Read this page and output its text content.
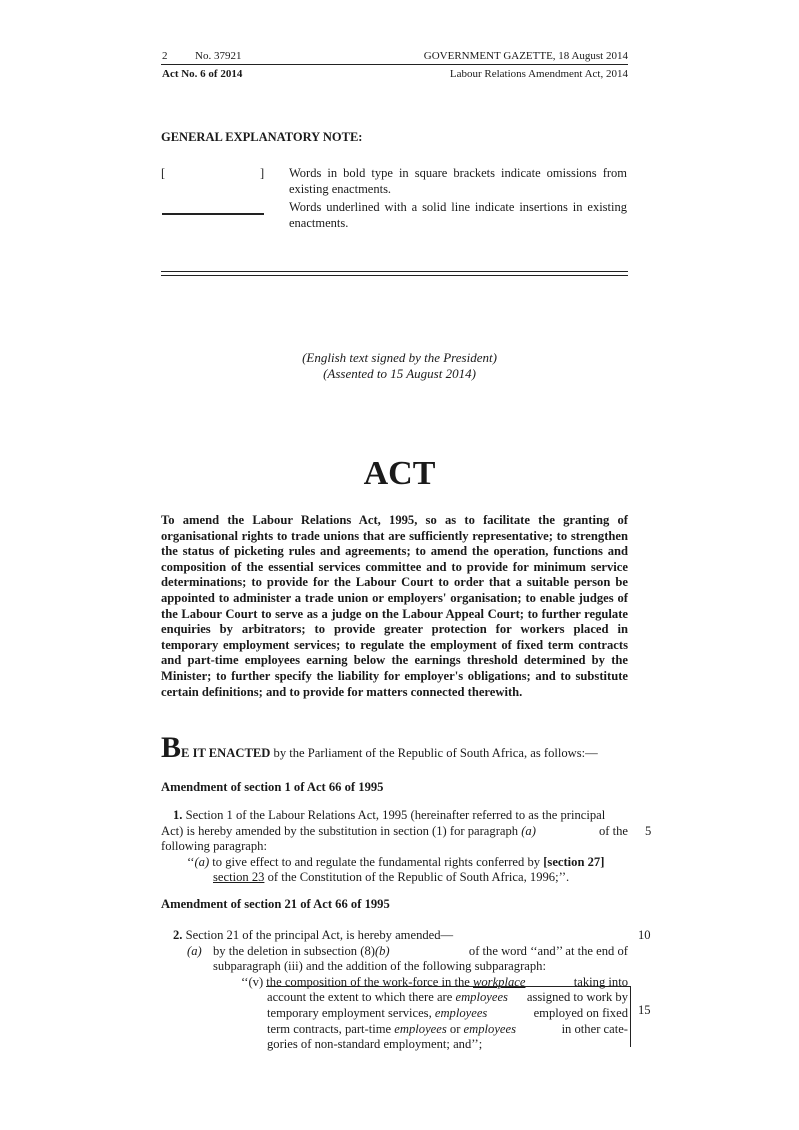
2	No. 37921	GOVERNMENT GAZETTE, 18 August 2014
Act No. 6 of 2014	Labour Relations Amendment Act, 2014
GENERAL EXPLANATORY NOTE:
[	] Words in bold type in square brackets indicate omissions from existing enactments.
Words underlined with a solid line indicate insertions in existing enactments.
(English text signed by the President)
(Assented to 15 August 2014)
ACT
To amend the Labour Relations Act, 1995, so as to facilitate the granting of organisational rights to trade unions that are sufficiently representative; to strengthen the status of picketing rules and agreements; to amend the operation, functions and composition of the essential services committee and to provide for minimum service determinations; to provide for the Labour Court to order that a suitable person be appointed to administer a trade union or employers' organisation; to enable judges of the Labour Court to serve as a judge on the Labour Appeal Court; to further regulate enquiries by arbitrators; to provide greater protection for workers placed in temporary employment services; to regulate the employment of fixed term contracts and part-time employees earning below the earnings threshold determined by the Minister; to further specify the liability for employer's obligations; and to substitute certain definitions; and to provide for matters connected therewith.
BE IT ENACTED by the Parliament of the Republic of South Africa, as follows:—
Amendment of section 1 of Act 66 of 1995
1. Section 1 of the Labour Relations Act, 1995 (hereinafter referred to as the principal
Act) is hereby amended by the substitution in section (1) for paragraph (a)	of the
following paragraph:
‘‘(a) to give effect to and regulate the fundamental rights conferred by [section 27]
section 23 of the Constitution of the Republic of South Africa, 1996;’’.
Amendment of section 21 of Act 66 of 1995
2. Section 21 of the principal Act, is hereby amended—
(a) by the deletion in subsection (8)(b)	of the word ‘‘and’’ at the end of
subparagraph (iii) and the addition of the following subparagraph:
‘‘(v) the composition of the work-force in the workplace	taking into
account the extent to which there are employees assigned to work by
temporary employment services, employees	employed on fixed
term contracts, part-time employees or employees	in other cate-
gories of non-standard employment; and’’;
5
10
15
